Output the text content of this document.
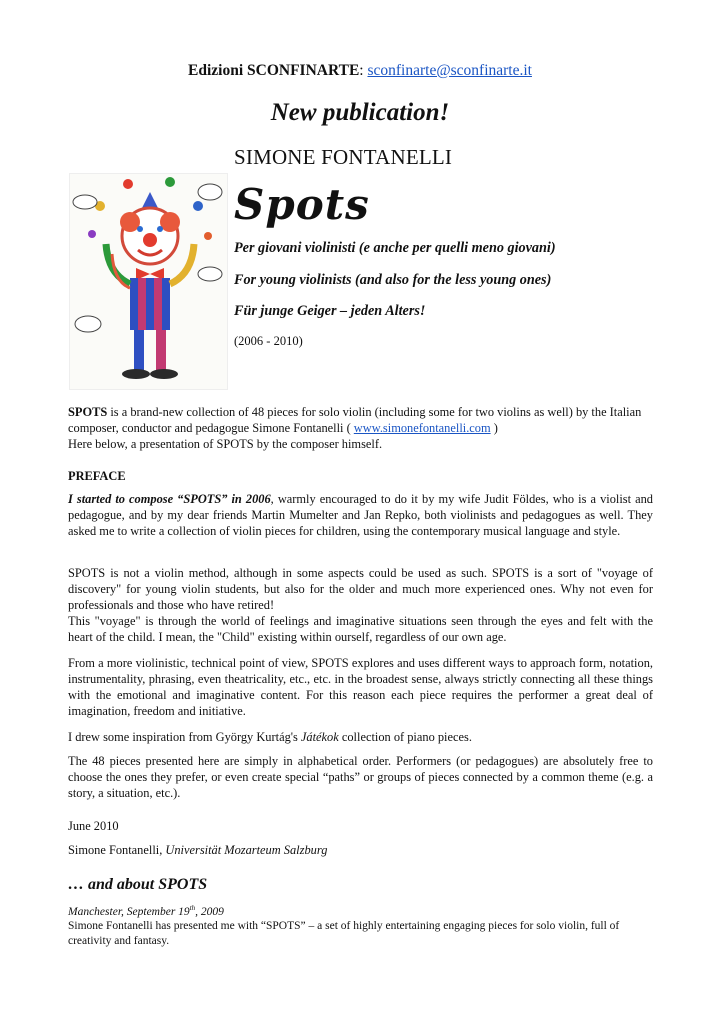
Edizioni SCONFINARTE: sconfinarte@sconfinarte.it
New publication!
SIMONE FONTANELLI
Spots
Per giovani violinisti (e anche per quelli meno giovani)
For young violinists (and also for the less young ones)
Für junge Geiger – jeden Alters!
(2006 - 2010)
SPOTS is a brand-new collection of 48 pieces for solo violin (including some for two violins as well) by the Italian composer, conductor and pedagogue Simone Fontanelli ( www.simonefontanelli.com )
Here below, a presentation of SPOTS by the composer himself.
PREFACE
I started to compose “SPOTS” in 2006, warmly encouraged to do it by my wife Judit Földes, who is a violist and pedagogue, and by my dear friends Martin Mumelter and Jan Repko, both violinists and pedagogues as well. They asked me to write a collection of violin pieces for children, using the contemporary musical language and style.
SPOTS is not a violin method, although in some aspects could be used as such. SPOTS is a sort of "voyage of discovery" for young violin students, but also for the older and much more experienced ones. Why not even for professionals and those who have retired!
This "voyage" is through the world of feelings and imaginative situations seen through the eyes and felt with the heart of the child. I mean, the "Child" existing within ourself, regardless of our own age.
From a more violinistic, technical point of view, SPOTS explores and uses different ways to approach form, notation, instrumentality, phrasing, even theatricality, etc., etc. in the broadest sense, always strictly connecting all these things with the emotional and imaginative content. For this reason each piece requires the performer a great deal of imagination, freedom and initiative.
I drew some inspiration from György Kurtág's Játékok collection of piano pieces.
The 48 pieces presented here are simply in alphabetical order. Performers (or pedagogues) are absolutely free to choose the ones they prefer, or even create special “paths” or groups of pieces connected by a common theme (e.g. a story, a situation, etc.).
June 2010
Simone Fontanelli, Universität Mozarteum Salzburg
… and about SPOTS
Manchester, September 19th, 2009
Simone Fontanelli has presented me with “SPOTS” – a set of highly entertaining engaging pieces for solo violin, full of creativity and fantasy.
